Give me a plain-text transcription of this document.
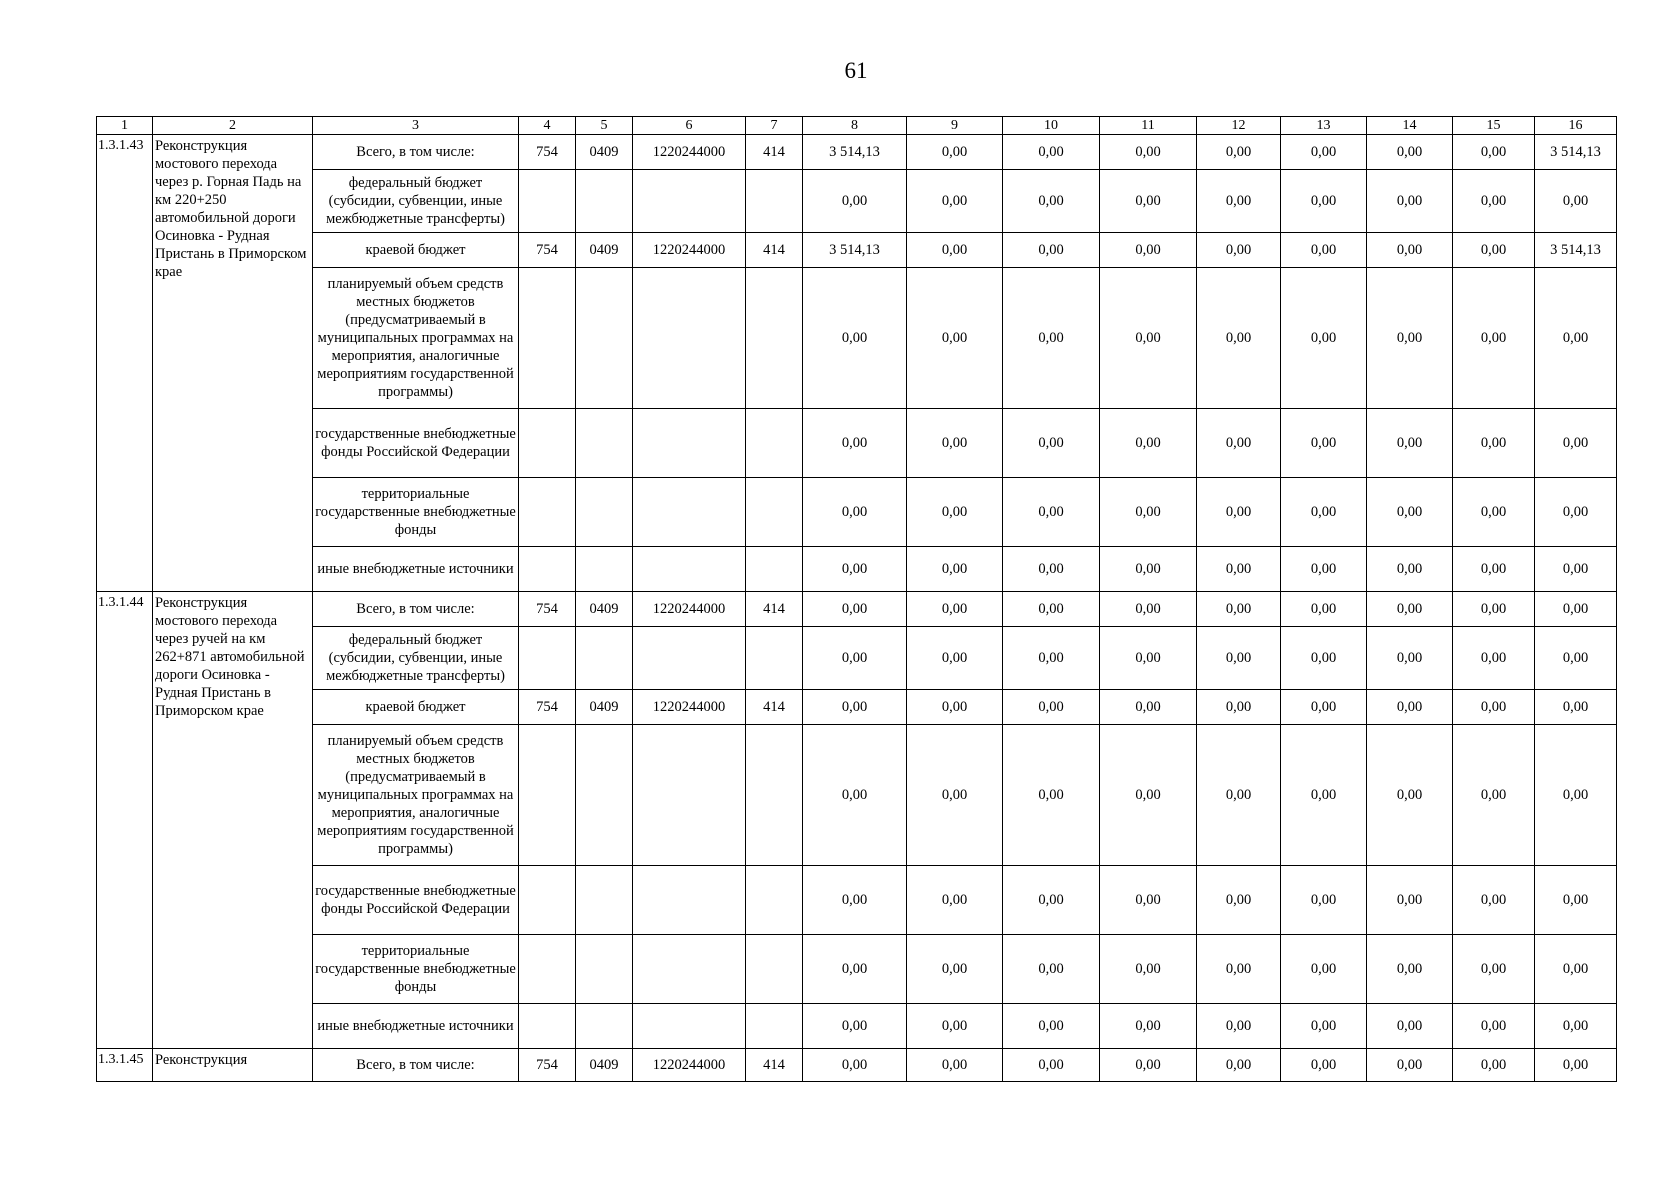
61
1	2	3	4	5	6	7	8	9	10	11	12	13	14	15	16
1.3.1.43	Реконструкция мостового перехода через р. Горная Падь на км 220+250 автомобильной дороги Осиновка - Рудная Пристань в Приморском крае	Всего, в том числе:	754	0409	1220244000	414	3 514,13	0,00	0,00	0,00	0,00	0,00	0,00	0,00	3 514,13
		федеральный бюджет (субсидии, субвенции, иные межбюджетные трансферты)					0,00	0,00	0,00	0,00	0,00	0,00	0,00	0,00	0,00
		краевой бюджет	754	0409	1220244000	414	3 514,13	0,00	0,00	0,00	0,00	0,00	0,00	0,00	3 514,13
		планируемый объем средств местных бюджетов (предусматриваемый в муниципальных программах на мероприятия, аналогичные мероприятиям государственной программы)					0,00	0,00	0,00	0,00	0,00	0,00	0,00	0,00	0,00
		государственные внебюджетные фонды Российской Федерации					0,00	0,00	0,00	0,00	0,00	0,00	0,00	0,00	0,00
		территориальные государственные внебюджетные фонды					0,00	0,00	0,00	0,00	0,00	0,00	0,00	0,00	0,00
		иные внебюджетные источники					0,00	0,00	0,00	0,00	0,00	0,00	0,00	0,00	0,00
1.3.1.44	Реконструкция мостового перехода через ручей на км 262+871 автомобильной дороги Осиновка - Рудная Пристань в Приморском крае	Всего, в том числе:	754	0409	1220244000	414	0,00	0,00	0,00	0,00	0,00	0,00	0,00	0,00	0,00
		федеральный бюджет (субсидии, субвенции, иные межбюджетные трансферты)					0,00	0,00	0,00	0,00	0,00	0,00	0,00	0,00	0,00
		краевой бюджет	754	0409	1220244000	414	0,00	0,00	0,00	0,00	0,00	0,00	0,00	0,00	0,00
		планируемый объем средств местных бюджетов (предусматриваемый в муниципальных программах на мероприятия, аналогичные мероприятиям государственной программы)					0,00	0,00	0,00	0,00	0,00	0,00	0,00	0,00	0,00
		государственные внебюджетные фонды Российской Федерации					0,00	0,00	0,00	0,00	0,00	0,00	0,00	0,00	0,00
		территориальные государственные внебюджетные фонды					0,00	0,00	0,00	0,00	0,00	0,00	0,00	0,00	0,00
		иные внебюджетные источники					0,00	0,00	0,00	0,00	0,00	0,00	0,00	0,00	0,00
1.3.1.45	Реконструкция	Всего, в том числе:	754	0409	1220244000	414	0,00	0,00	0,00	0,00	0,00	0,00	0,00	0,00	0,00
